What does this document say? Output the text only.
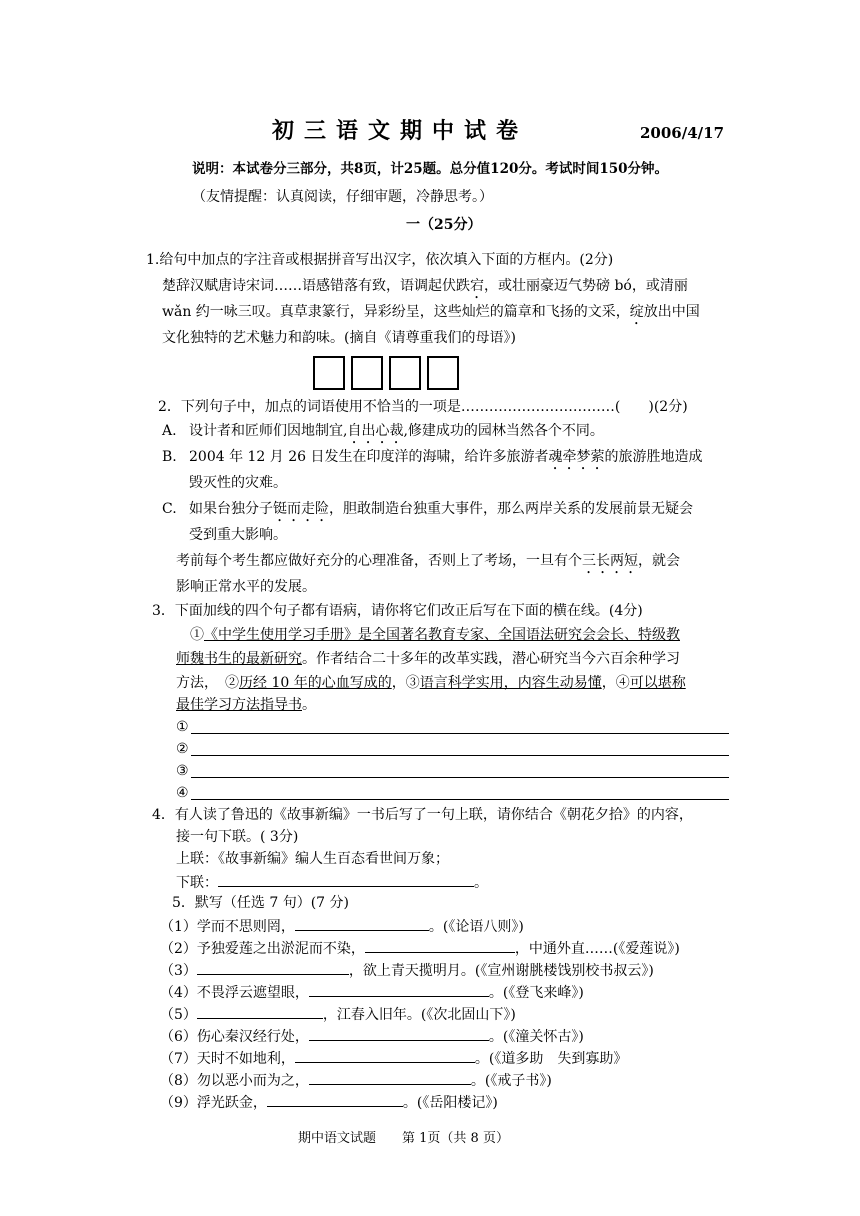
初三语文期中试卷	2006/4/17
说明：本试卷分三部分，共8页，计25题。总分值120分。考试时间150分钟。
（友情提醒：认真阅读，仔细审题，冷静思考。）
一（25分）
1.给句中加点的字注音或根据拼音写出汉字，依次填入下面的方框内。(2分)
楚辞汉赋唐诗宋词……语感错落有致，语调起伏跌宕，或壮丽豪迈气势磅 bó，或清丽
wǎn 约一咏三叹。真草隶篆行，异彩纷呈，这些灿烂的篇章和飞扬的文采，绽放出中国
文化独特的艺术魅力和韵味。(摘自《请尊重我们的母语》)
2．下列句子中，加点的词语使用不恰当的一项是……………………………(　　)(2分)
A. 设计者和匠师们因地制宜,自出心裁,修建成功的园林当然各个不同。
B. 2004 年 12 月 26 日发生在印度洋的海啸，给许多旅游者魂牵梦萦的旅游胜地造成
毁灭性的灾难。
C. 如果台独分子铤而走险，胆敢制造台独重大事件，那么两岸关系的发展前景无疑会
受到重大影响。
考前每个考生都应做好充分的心理准备，否则上了考场，一旦有个三长两短，就会
影响正常水平的发展。
3．下面加线的四个句子都有语病，请你将它们改正后写在下面的横在线。(4分)
①《中学生使用学习手册》是全国著名教育专家、全国语法研究会会长、特级教
师魏书生的最新研究。作者结合二十多年的改革实践，潜心研究当今六百余种学习
方法，　②历经 10 年的心血写成的，③语言科学实用，内容生动易懂，④可以堪称
最佳学习方法指导书。
①
②
③
④
4．有人读了鲁迅的《故事新编》一书后写了一句上联，请你结合《朝花夕拾》的内容，
接一句下联。( 3分)
上联：《故事新编》编人生百态看世间万象；
下联：	。
5．默写（任选 7 句）(7 分)
（1）学而不思则罔，	。(《论语八则》)
（2）予独爱莲之出淤泥而不染，	，中通外直……(《爱莲说》)
（3）	，欲上青天揽明月。(《宣州谢朓楼饯别校书叔云》)
（4）不畏浮云遮望眼，	。(《登飞来峰》)
（5）	，江春入旧年。(《次北固山下》)
（6）伤心秦汉经行处，	。(《潼关怀古》)
（7）天时不如地利，	。(《道多助　失到寡助》
（8）勿以恶小而为之，	。(《戒子书》)
（9）浮光跃金，	。(《岳阳楼记》)
期中语文试题 第 1页（共 8 页）
